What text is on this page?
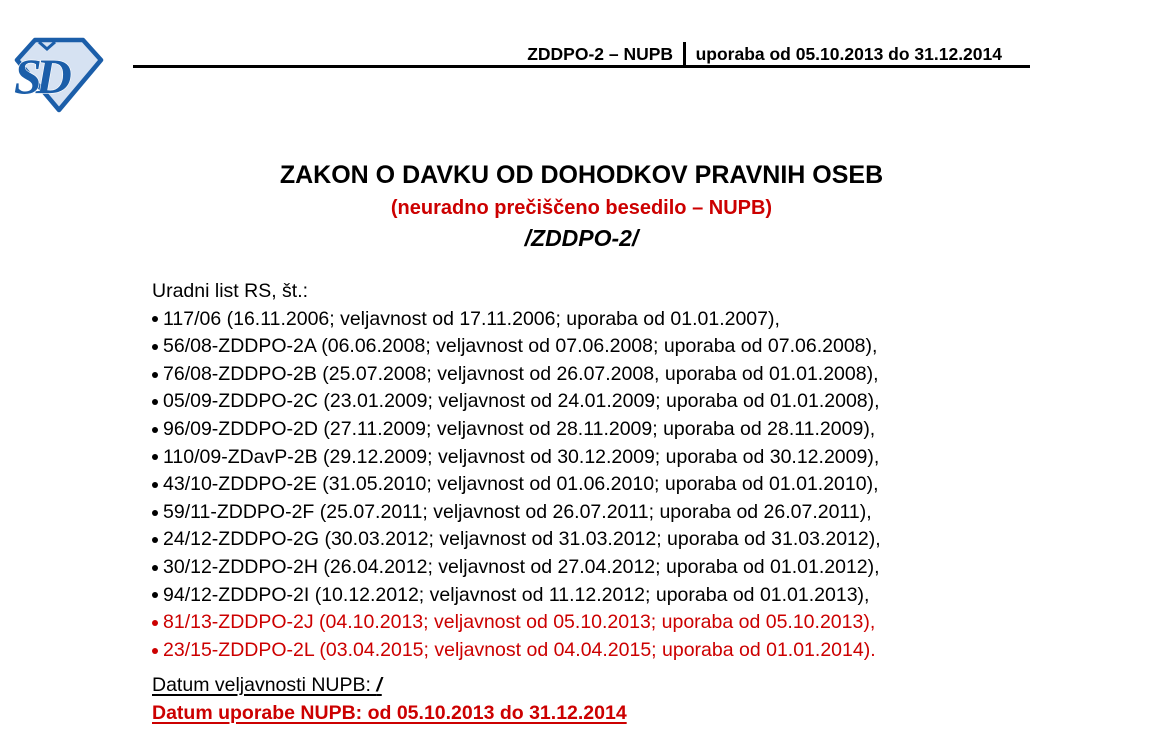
SD	ZDDPO-2 – NUPB uporaba od 05.10.2013 do 31.12.2014
ZAKON O DAVKU OD DOHODKOV PRAVNIH OSEB
(neuradno prečiščeno besedilo – NUPB)
/ZDDPO-2/
Uradni list RS, št.:
117/06 (16.11.2006; veljavnost od 17.11.2006; uporaba od 01.01.2007),
56/08-ZDDPO-2A (06.06.2008; veljavnost od 07.06.2008; uporaba od 07.06.2008),
76/08-ZDDPO-2B (25.07.2008; veljavnost od 26.07.2008, uporaba od 01.01.2008),
05/09-ZDDPO-2C (23.01.2009; veljavnost od 24.01.2009; uporaba od 01.01.2008),
96/09-ZDDPO-2D (27.11.2009; veljavnost od 28.11.2009; uporaba od 28.11.2009),
110/09-ZDavP-2B (29.12.2009; veljavnost od 30.12.2009; uporaba od 30.12.2009),
43/10-ZDDPO-2E (31.05.2010; veljavnost od 01.06.2010; uporaba od 01.01.2010),
59/11-ZDDPO-2F (25.07.2011; veljavnost od 26.07.2011; uporaba od 26.07.2011),
24/12-ZDDPO-2G (30.03.2012; veljavnost od 31.03.2012; uporaba od 31.03.2012),
30/12-ZDDPO-2H (26.04.2012; veljavnost od 27.04.2012; uporaba od 01.01.2012),
94/12-ZDDPO-2I (10.12.2012; veljavnost od 11.12.2012; uporaba od 01.01.2013),
81/13-ZDDPO-2J (04.10.2013; veljavnost od 05.10.2013; uporaba od 05.10.2013),
23/15-ZDDPO-2L (03.04.2015; veljavnost od 04.04.2015; uporaba od 01.01.2014).
Datum veljavnosti NUPB: /
Datum uporabe NUPB: od 05.10.2013 do 31.12.2014
